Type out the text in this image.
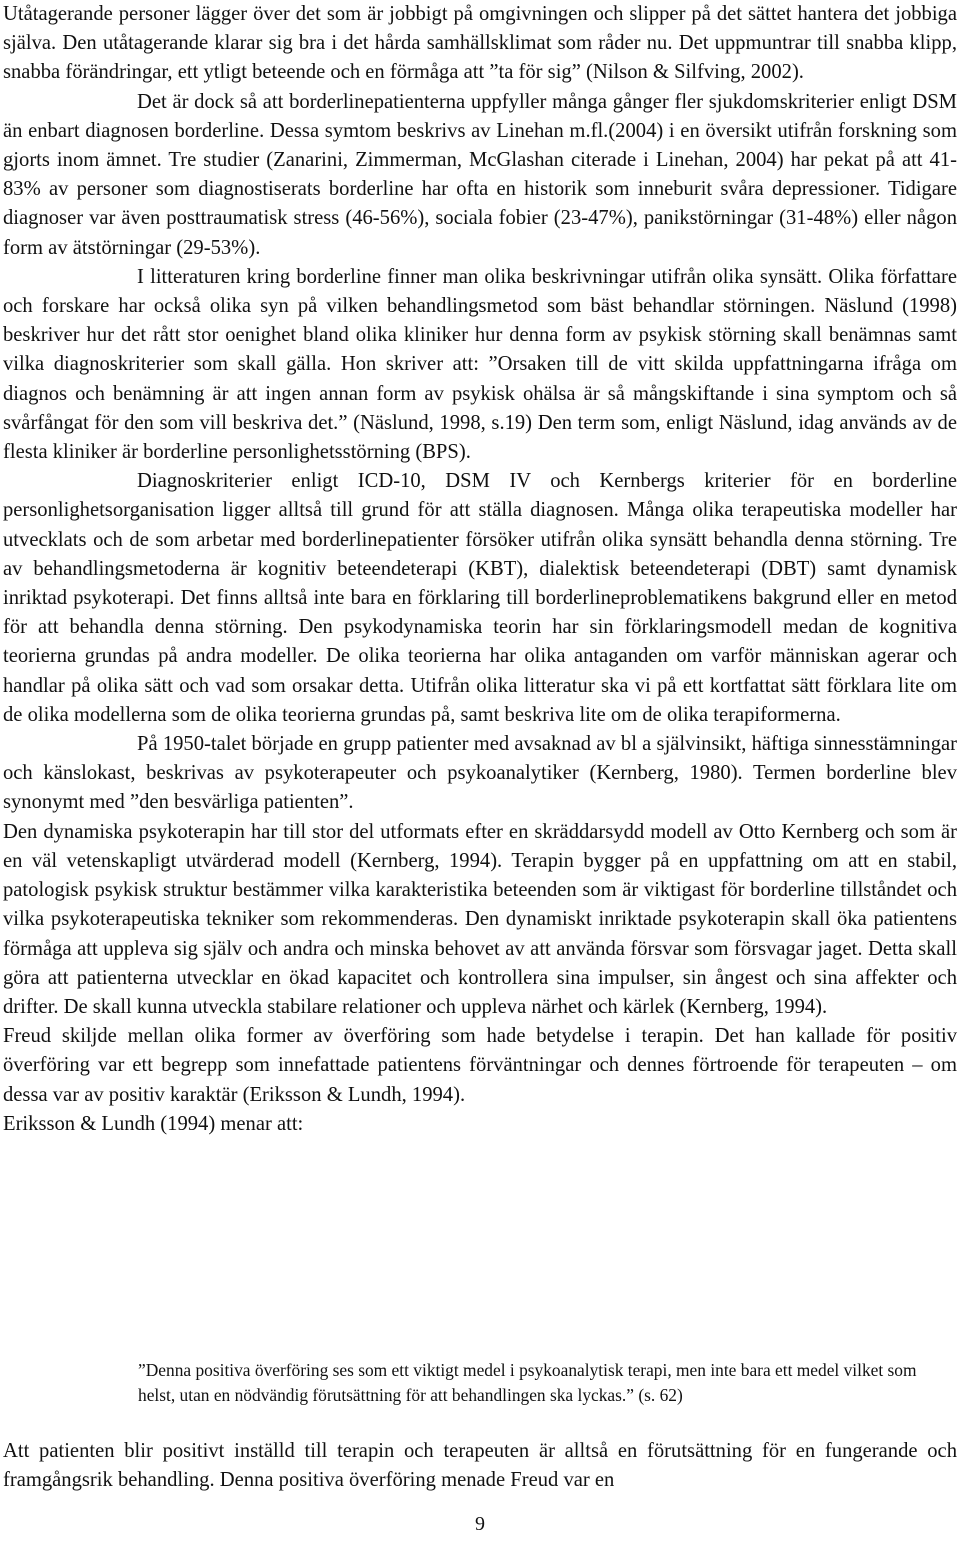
Utåtagerande personer lägger över det som är jobbigt på omgivningen och slipper på det sättet hantera det jobbiga själva. Den utåtagerande klarar sig bra i det hårda samhällsklimat som råder nu. Det uppmuntrar till snabba klipp, snabba förändringar, ett ytligt beteende och en förmåga att ”ta för sig” (Nilson & Silfving, 2002).

Det är dock så att borderlinepatienterna uppfyller många gånger fler sjukdomskriterier enligt DSM än enbart diagnosen borderline. Dessa symtom beskrivs av Linehan m.fl.(2004) i en översikt utifrån forskning som gjorts inom ämnet. Tre studier (Zanarini, Zimmerman, McGlashan citerade i Linehan, 2004) har pekat på att 41-83% av personer som diagnostiserats borderline har ofta en historik som inneburit svåra depressioner. Tidigare diagnoser var även posttraumatisk stress (46-56%), sociala fobier (23-47%), panikstörningar (31-48%) eller någon form av ätstörningar (29-53%).

I litteraturen kring borderline finner man olika beskrivningar utifrån olika synsätt. Olika författare och forskare har också olika syn på vilken behandlingsmetod som bäst behandlar störningen. Näslund (1998) beskriver hur det rått stor oenighet bland olika kliniker hur denna form av psykisk störning skall benämnas samt vilka diagnoskriterier som skall gälla. Hon skriver att: ”Orsaken till de vitt skilda uppfattningarna ifråga om diagnos och benämning är att ingen annan form av psykisk ohälsa är så mångskiftande i sina symptom och så svårfångat för den som vill beskriva det.” (Näslund, 1998, s.19) Den term som, enligt Näslund, idag används av de flesta kliniker är borderline personlighetsstörning (BPS).

Diagnoskriterier enligt ICD-10, DSM IV och Kernbergs kriterier för en borderline personlighetsorganisation ligger alltså till grund för att ställa diagnosen. Många olika terapeutiska modeller har utvecklats och de som arbetar med borderlinepatienter försöker utifrån olika synsätt behandla denna störning. Tre av behandlingsmetoderna är kognitiv beteendeterapi (KBT), dialektisk beteendeterapi (DBT) samt dynamisk inriktad psykoterapi. Det finns alltså inte bara en förklaring till borderlineproblematikens bakgrund eller en metod för att behandla denna störning. Den psykodynamiska teorin har sin förklaringsmodell medan de kognitiva teorierna grundas på andra modeller. De olika teorierna har olika antaganden om varför människan agerar och handlar på olika sätt och vad som orsakar detta. Utifrån olika litteratur ska vi på ett kortfattat sätt förklara lite om de olika modellerna som de olika teorierna grundas på, samt beskriva lite om de olika terapiformerna.

På 1950-talet började en grupp patienter med avsaknad av bl a självinsikt, häftiga sinnesstämningar och känslokast, beskrivas av psykoterapeuter och psykoanalytiker (Kernberg, 1980). Termen borderline blev synonymt med ”den besvärliga patienten”.

Den dynamiska psykoterapin har till stor del utformats efter en skräddarsydd modell av Otto Kernberg och som är en väl vetenskapligt utvärderad modell (Kernberg, 1994). Terapin bygger på en uppfattning om att en stabil, patologisk psykisk struktur bestämmer vilka karakteristika beteenden som är viktigast för borderline tillståndet och vilka psykoterapeutiska tekniker som rekommenderas. Den dynamiskt inriktade psykoterapin skall öka patientens förmåga att uppleva sig själv och andra och minska behovet av att använda försvar som försvagar jaget. Detta skall göra att patienterna utvecklar en ökad kapacitet och kontrollera sina impulser, sin ångest och sina affekter och drifter. De skall kunna utveckla stabilare relationer och uppleva närhet och kärlek (Kernberg, 1994).

Freud skiljde mellan olika former av överföring som hade betydelse i terapin. Det han kallade för positiv överföring var ett begrepp som innefattade patientens förväntningar och dennes förtroende för terapeuten – om dessa var av positiv karaktär (Eriksson & Lundh, 1994).

Eriksson & Lundh (1994) menar att:

”Denna positiva överföring ses som ett viktigt medel i psykoanalytisk terapi, men inte bara ett medel vilket som helst, utan en nödvändig förutsättning för att behandlingen ska lyckas.” (s. 62)
Att patienten blir positivt inställd till terapin och terapeuten är alltså en förutsättning för en fungerande och framgångsrik behandling. Denna positiva överföring menade Freud var en
9
